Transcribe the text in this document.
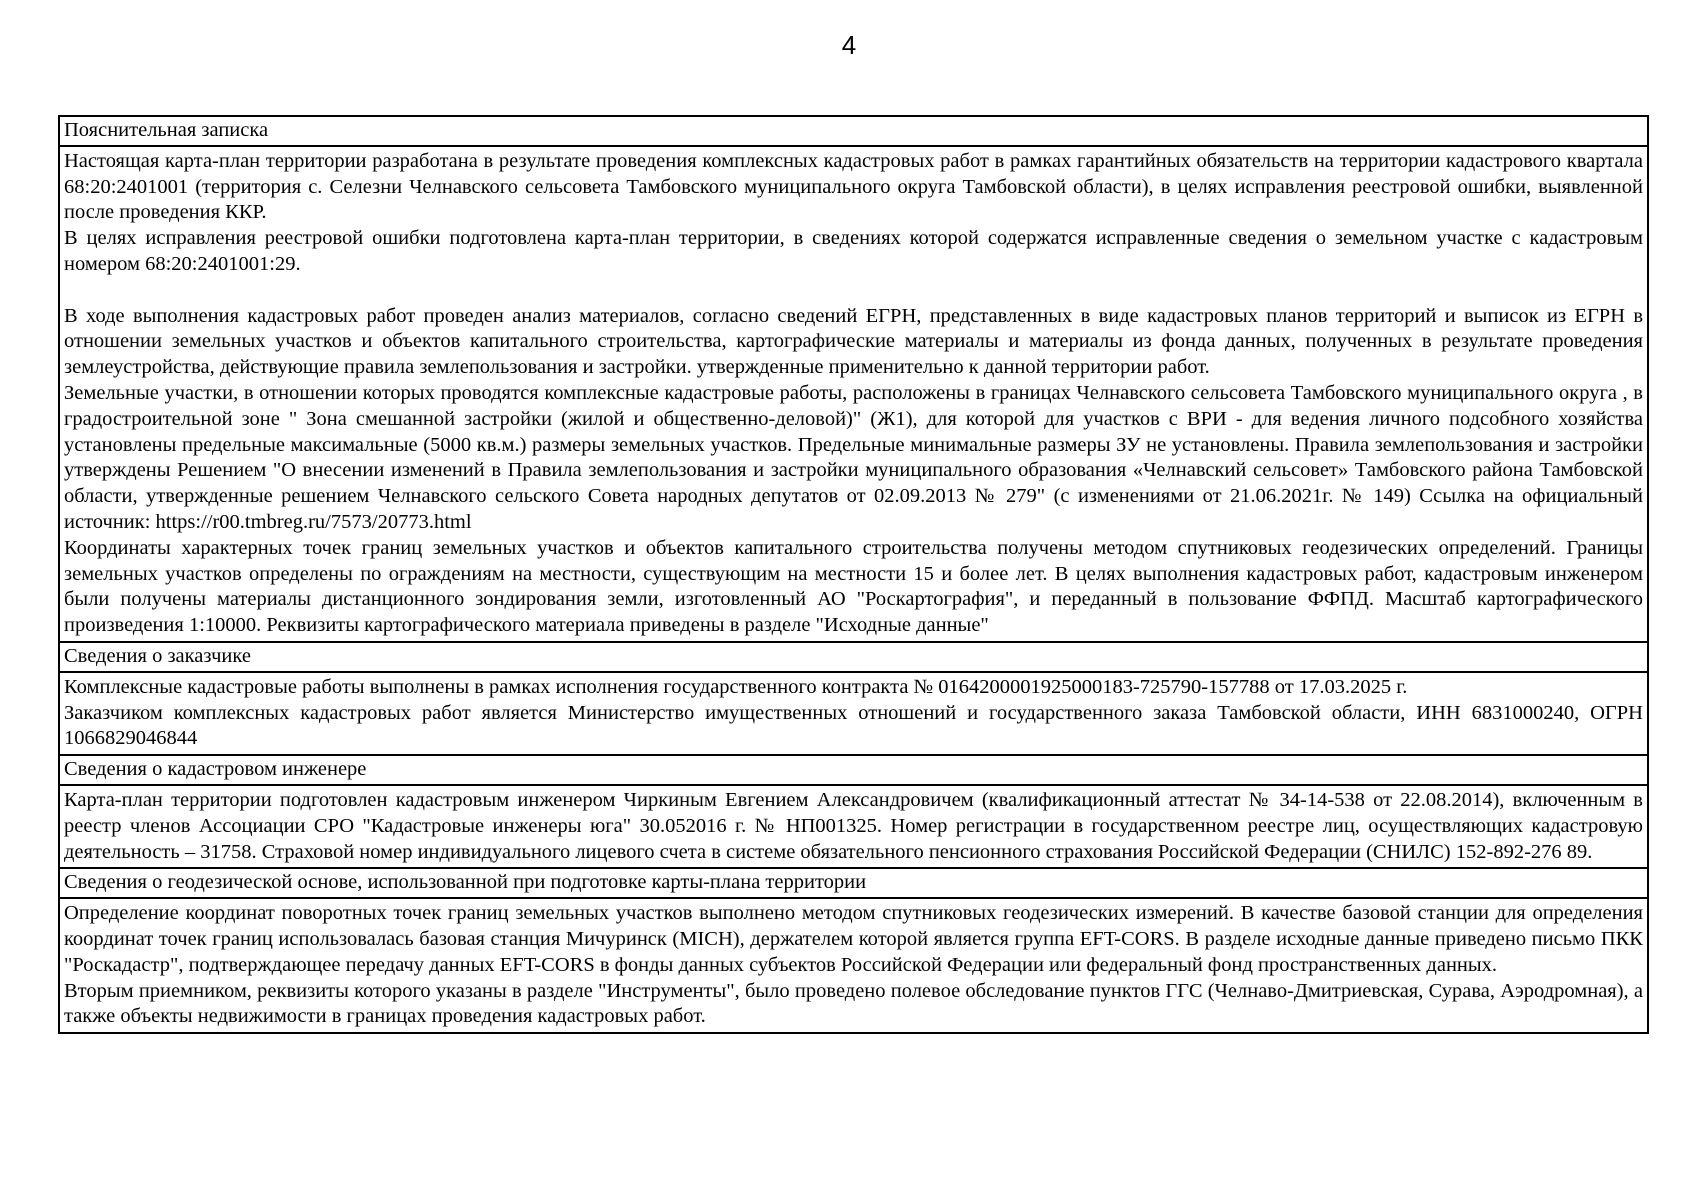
4
Пояснительная записка

Настоящая карта-план территории разработана в результате проведения комплексных кадастровых работ в рамках гарантийных обязательств на территории кадастрового квартала 68:20:2401001 (территория с. Селезни Челнавского сельсовета Тамбовского муниципального округа Тамбовской области), в целях исправления реестровой ошибки, выявленной после проведения ККР.

В целях исправления реестровой ошибки подготовлена карта-план территории, в сведениях которой содержатся исправленные сведения о земельном участке с кадастровым номером 68:20:2401001:29.

В ходе выполнения кадастровых работ проведен анализ материалов, согласно сведений ЕГРН, представленных в виде кадастровых планов территорий и выписок из ЕГРН в отношении земельных участков и объектов капитального строительства, картографические материалы и материалы из фонда данных, полученных в результате проведения землеустройства, действующие правила землепользования и застройки. утвержденные применительно к данной территории работ.

Земельные участки, в отношении которых проводятся комплексные кадастровые работы, расположены в границах Челнавского сельсовета Тамбовского муниципального округа , в градостроительной зоне " Зона смешанной застройки (жилой и общественно-деловой)" (Ж1), для которой для участков с ВРИ - для ведения личного подсобного хозяйства установлены предельные максимальные (5000 кв.м.) размеры земельных участков. Предельные минимальные размеры ЗУ не установлены. Правила землепользования и застройки утверждены Решением "О внесении изменений в Правила землепользования и застройки муниципального образования «Челнавский сельсовет» Тамбовского района Тамбовской области, утвержденные решением Челнавского сельского Совета народных депутатов от 02.09.2013 № 279" (с изменениями от 21.06.2021г. № 149) Ссылка на официальный источник: https://r00.tmbreg.ru/7573/20773.html

Координаты характерных точек границ земельных участков и объектов капитального строительства получены методом спутниковых геодезических определений. Границы земельных участков определены по ограждениям на местности, существующим на местности 15 и более лет. В целях выполнения кадастровых работ, кадастровым инженером были получены материалы дистанционного зондирования земли, изготовленный АО "Роскартография", и переданный в пользование ФФПД. Масштаб картографического произведения 1:10000. Реквизиты картографического материала приведены в разделе "Исходные данные"

Сведения о заказчике

Комплексные кадастровые работы выполнены в рамках исполнения государственного контракта № 0164200001925000183-725790-157788 от 17.03.2025 г.

Заказчиком комплексных кадастровых работ является Министерство имущественных отношений и государственного заказа Тамбовской области, ИНН 6831000240, ОГРН 1066829046844

Сведения о кадастровом инженере

Карта-план территории подготовлен кадастровым инженером Чиркиным Евгением Александровичем (квалификационный аттестат № 34-14-538 от 22.08.2014), включенным в реестр членов Ассоциации СРО "Кадастровые инженеры юга" 30.052016 г. № НП001325. Номер регистрации в государственном реестре лиц, осуществляющих кадастровую деятельность – 31758. Страховой номер индивидуального лицевого счета в системе обязательного пенсионного страхования Российской Федерации (СНИЛС) 152-892-276 89.

Сведения о геодезической основе, использованной при подготовке карты-плана территории

Определение координат поворотных точек границ земельных участков выполнено методом спутниковых геодезических измерений. В качестве базовой станции для определения координат точек границ использовалась базовая станция Мичуринск (MICH), держателем которой является группа EFT-CORS. В разделе исходные данные приведено письмо ПКК "Роскадастр", подтверждающее передачу данных EFT-CORS в фонды данных субъектов Российской Федерации или федеральный фонд пространственных данных.

Вторым приемником, реквизиты которого указаны в разделе "Инструменты", было проведено полевое обследование пунктов ГГС (Челнаво-Дмитриевская, Сурава, Аэродромная), а также объекты недвижимости в границах проведения кадастровых работ.
